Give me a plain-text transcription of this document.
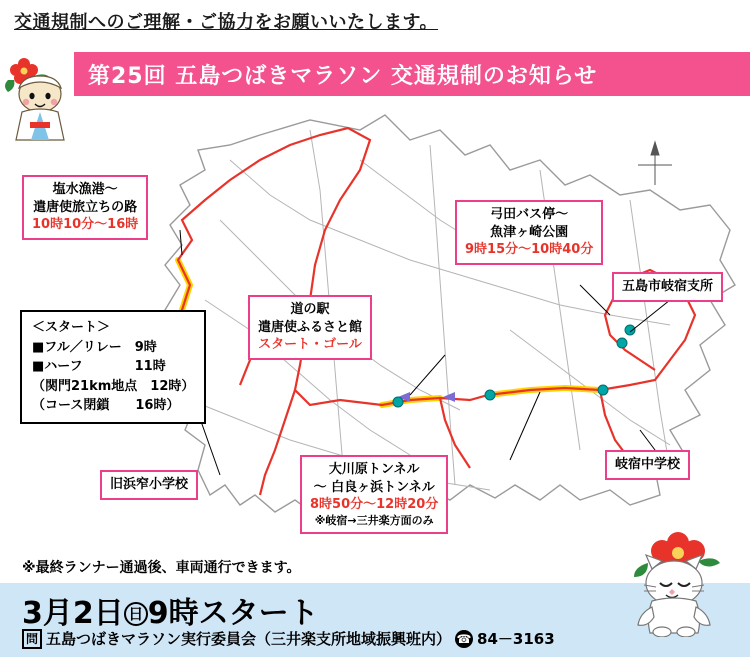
交通規制へのご理解・ご協力をお願いいたします。
第25回 五島つばきマラソン 交通規制のお知らせ
塩水漁港～
遣唐使旅立ちの路
10時10分～16時
弓田バス停～
魚津ヶ崎公園
9時15分～10時40分
道の駅
遣唐使ふるさと館
スタート・ゴール
大川原トンネル
～ 白良ヶ浜トンネル
8時50分～12時20分
※岐宿→三井楽方面のみ
五島市岐宿支所
岐宿中学校
旧浜窄小学校
＜スタート＞
■フル／リレー　9時
■ハーフ　　　　11時
（関門21km地点　12時）
（コース閉鎖　　16時）
※最終ランナー通過後、車両通行できます。
3月2日 日 9時スタート
問 五島つばきマラソン実行委員会（三井楽支所地域振興班内） ☎ 84－3163
